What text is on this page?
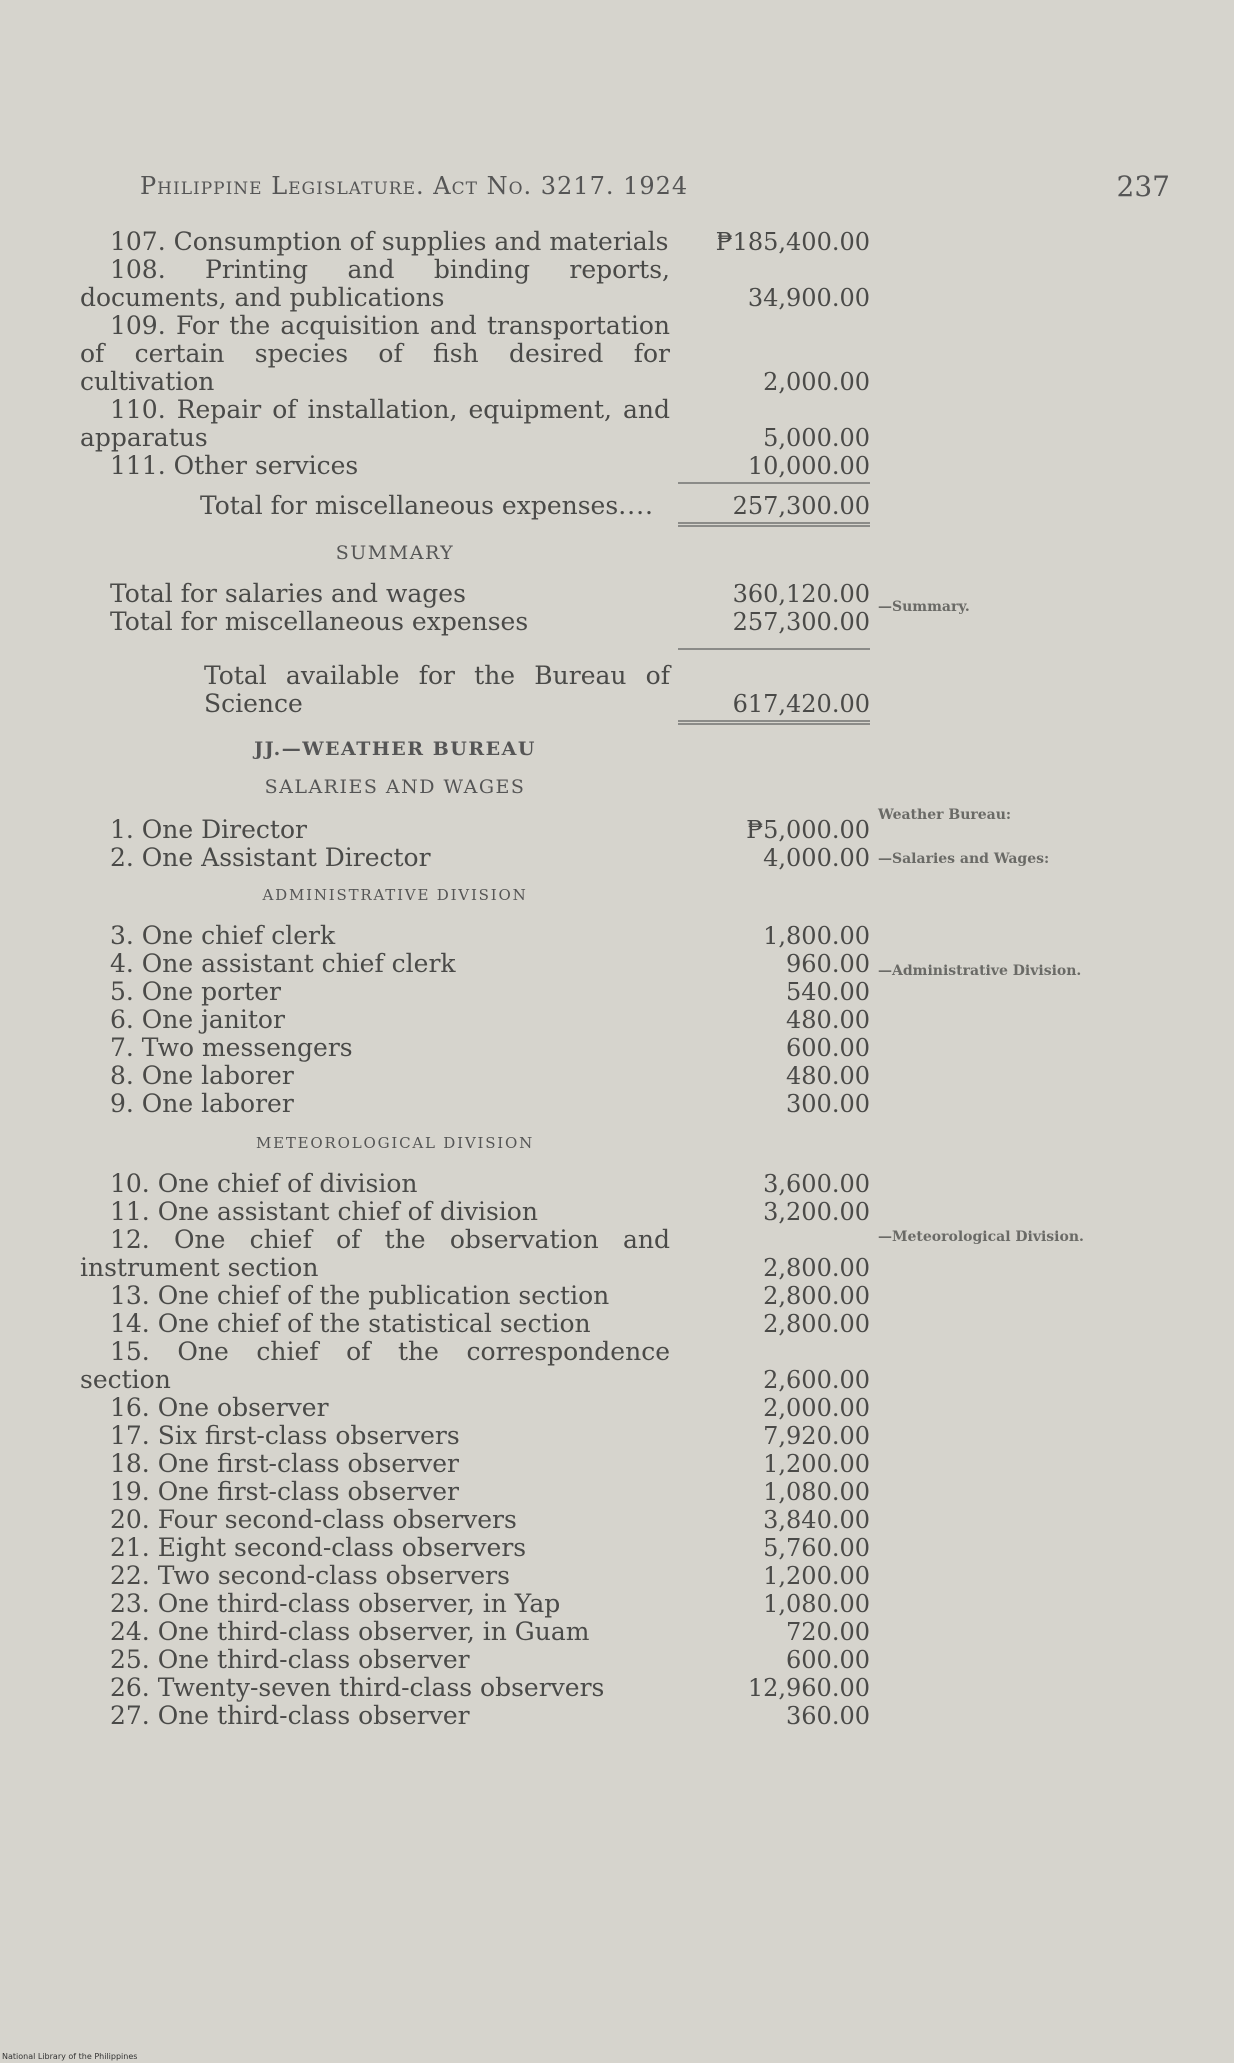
Philippine Legislature. Act No. 3217. 1924	237
107. Consumption of supplies and materials	₱185,400.00
108. Printing and binding reports, documents, and publications	34,900.00
109. For the acquisition and transportation of certain species of fish desired for cultivation	2,000.00
110. Repair of installation, equipment, and apparatus	5,000.00
111. Other services	10,000.00
Total for miscellaneous expenses....	257,300.00
SUMMARY
Total for salaries and wages	360,120.00
Total for miscellaneous expenses	257,300.00
Total available for the Bureau of Science	617,420.00
JJ.—WEATHER BUREAU
SALARIES AND WAGES
1. One Director	₱5,000.00
2. One Assistant Director	4,000.00
ADMINISTRATIVE DIVISION
3. One chief clerk	1,800.00
4. One assistant chief clerk	960.00
5. One porter	540.00
6. One janitor	480.00
7. Two messengers	600.00
8. One laborer	480.00
9. One laborer	300.00
METEOROLOGICAL DIVISION
10. One chief of division	3,600.00
11. One assistant chief of division	3,200.00
12. One chief of the observation and instrument section	2,800.00
13. One chief of the publication section	2,800.00
14. One chief of the statistical section	2,800.00
15. One chief of the correspondence section	2,600.00
16. One observer	2,000.00
17. Six first-class observers	7,920.00
18. One first-class observer	1,200.00
19. One first-class observer	1,080.00
20. Four second-class observers	3,840.00
21. Eight second-class observers	5,760.00
22. Two second-class observers	1,200.00
23. One third-class observer, in Yap	1,080.00
24. One third-class observer, in Guam	720.00
25. One third-class observer	600.00
26. Twenty-seven third-class observers	12,960.00
27. One third-class observer	360.00
—Summary.
Weather Bureau:
—Salaries and Wages:
—Administrative Division.
—Meteorological Division.
National Library of the Philippines
